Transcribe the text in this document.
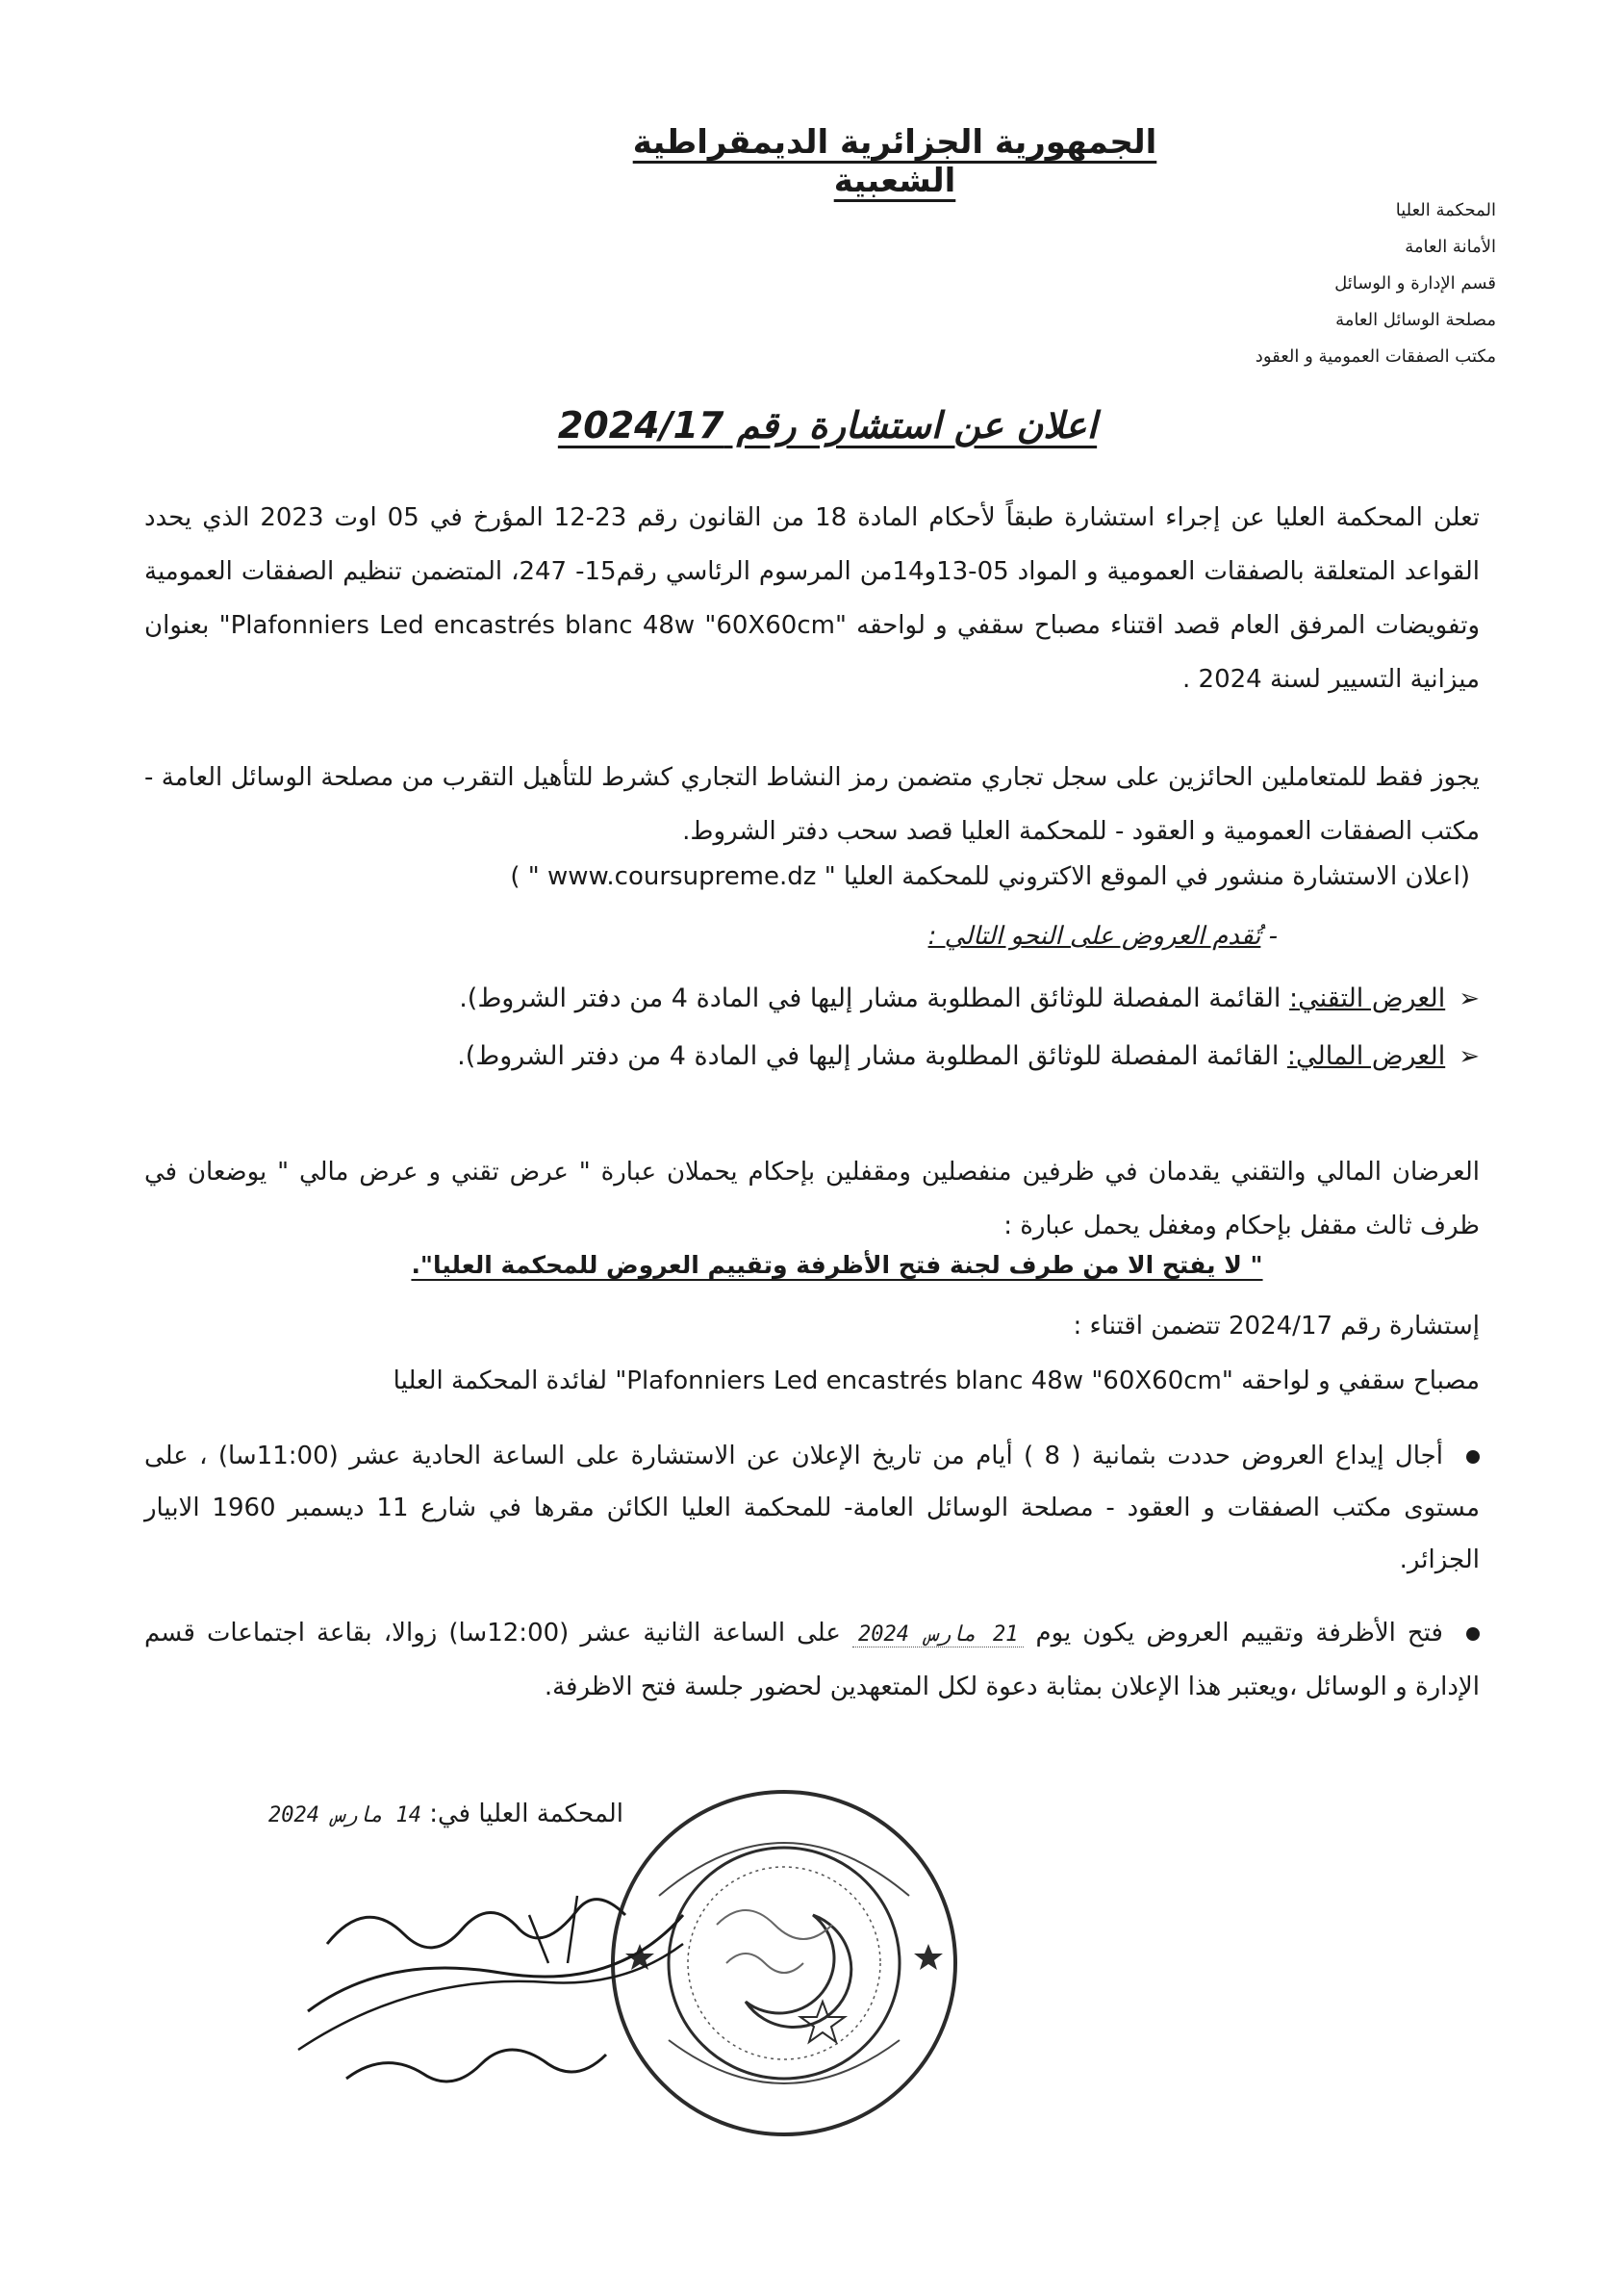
الجمهورية الجزائرية الديمقراطية الشعبية
المحكمة العليا
الأمانة العامة
قسم الإدارة و الوسائل
مصلحة الوسائل العامة
مكتب الصفقات العمومية و العقود
اعلان عن استشارة رقم 2024/17
تعلن المحكمة العليا عن إجراء استشارة طبقاً لأحكام المادة 18 من القانون رقم 23-12 المؤرخ في 05 اوت 2023 الذي يحدد القواعد المتعلقة بالصفقات العمومية و المواد 05-13و14من المرسوم الرئاسي رقم15- 247، المتضمن تنظيم الصفقات العمومية وتفويضات المرفق العام قصد اقتناء مصباح سقفي و لواحقه "Plafonniers Led encastrés blanc 48w "60X60cm" بعنوان ميزانية التسيير لسنة 2024 .
يجوز فقط للمتعاملين الحائزين على سجل تجاري متضمن رمز النشاط التجاري كشرط للتأهيل التقرب من مصلحة الوسائل العامة - مكتب الصفقات العمومية و العقود - للمحكمة العليا قصد سحب دفتر الشروط.
(اعلان الاستشارة منشور في الموقع الاكتروني للمحكمة العليا " www.coursupreme.dz " )
- تُقدم العروض على النحو التالي :
➢العرض التقني: القائمة المفصلة للوثائق المطلوبة مشار إليها في المادة 4 من دفتر الشروط).
➢العرض المالي: القائمة المفصلة للوثائق المطلوبة مشار إليها في المادة 4 من دفتر الشروط).
العرضان المالي والتقني يقدمان في ظرفين منفصلين ومقفلين بإحكام يحملان عبارة " عرض تقني و عرض مالي " يوضعان في ظرف ثالث مقفل بإحكام ومغفل يحمل عبارة :
" لا يفتح الا من طرف لجنة فتح الأظرفة وتقييم العروض للمحكمة العليا".
إستشارة رقم 2024/17 تتضمن اقتناء :
مصباح سقفي و لواحقه "Plafonniers Led encastrés blanc 48w "60X60cm" لفائدة المحكمة العليا
أجال إيداع العروض حددت بثمانية ( 8 ) أيام من تاريخ الإعلان عن الاستشارة على الساعة الحادية عشر (11:00سا) ، على مستوى مكتب الصفقات و العقود - مصلحة الوسائل العامة- للمحكمة العليا الكائن مقرها في شارع 11 ديسمبر 1960 الابيار الجزائر.
فتح الأظرفة وتقييم العروض يكون يوم 21 مارس 2024 على الساعة الثانية عشر (12:00سا) زوالا، بقاعة اجتماعات قسم الإدارة و الوسائل ،ويعتبر هذا الإعلان بمثابة دعوة لكل المتعهدين لحضور جلسة فتح الاظرفة.
المحكمة العليا في: 14 مارس 2024
